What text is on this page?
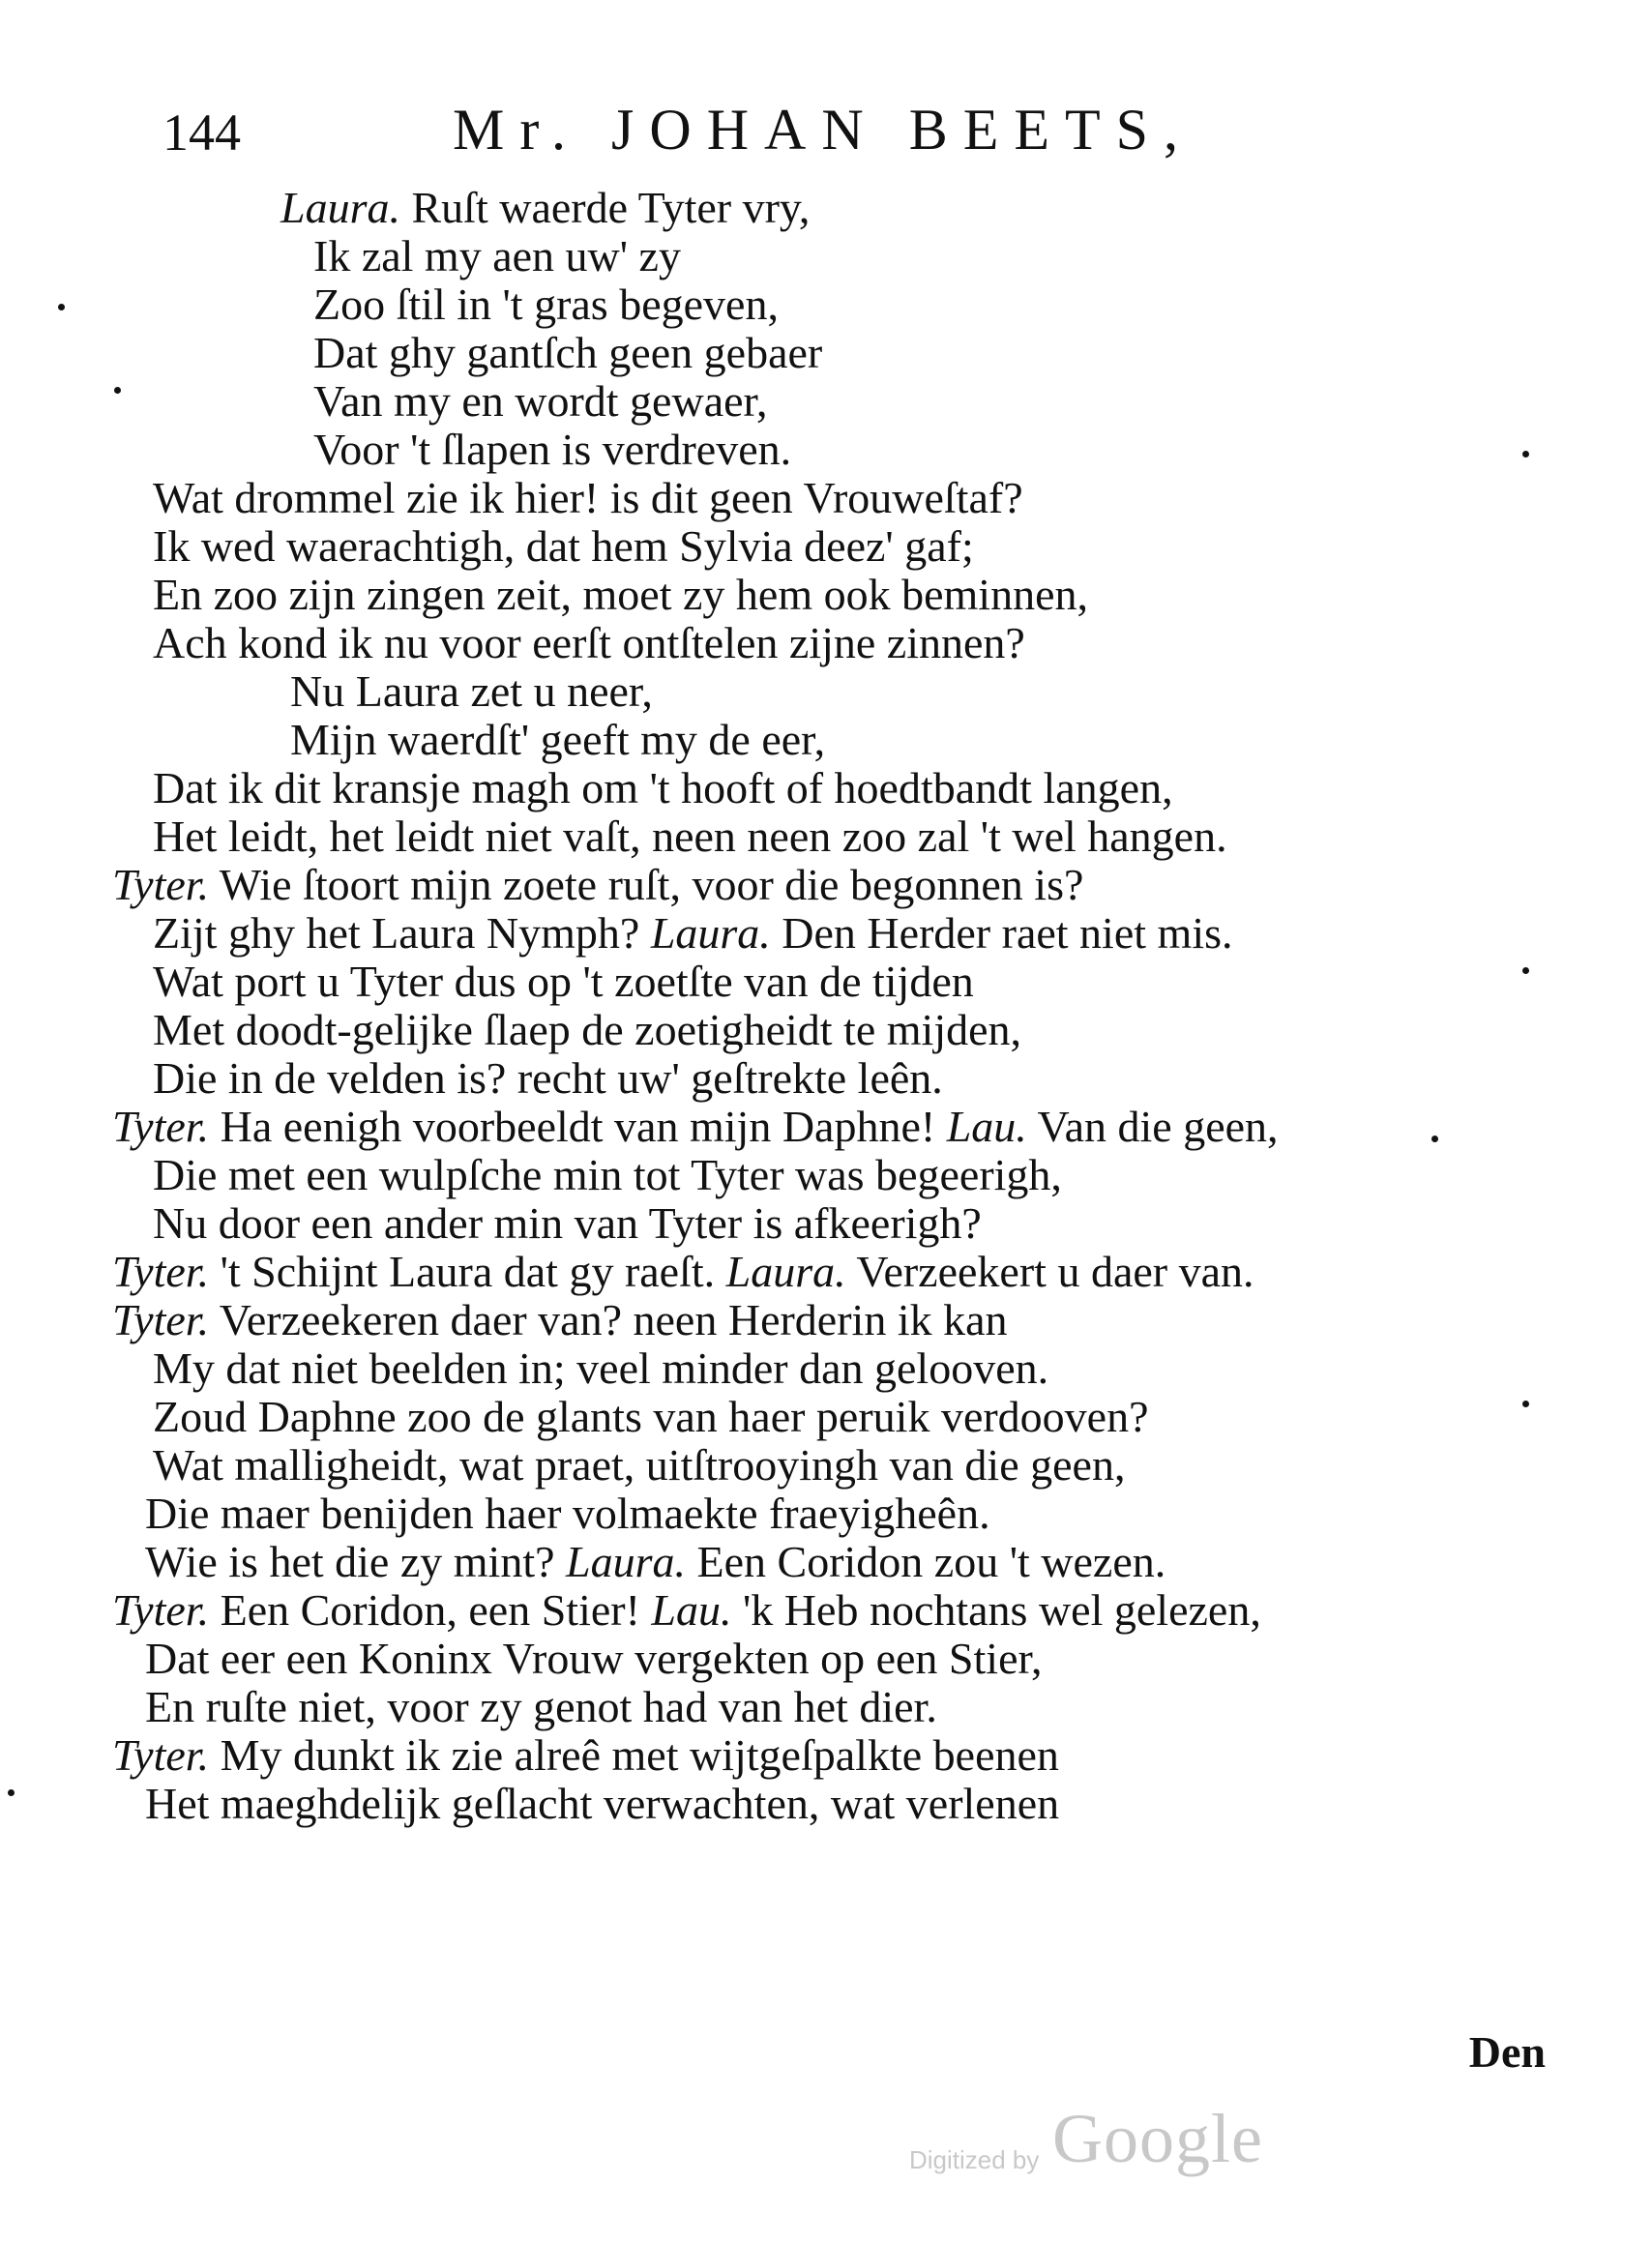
144	Mr. JOHAN BEETS,
Laura. Ruſt waerde Tyter vry,
Ik zal my aen uw' zy
Zoo ſtil in 't gras begeven,
Dat ghy gantſch geen gebaer
Van my en wordt gewaer,
Voor 't ſlapen is verdreven.
Wat drommel zie ik hier! is dit geen Vrouweſtaf?
Ik wed waerachtigh, dat hem Sylvia deez' gaf;
En zoo zijn zingen zeit, moet zy hem ook beminnen,
Ach kond ik nu voor eerſt ontſtelen zijne zinnen?
Nu Laura zet u neer,
Mijn waerdſt' geeft my de eer,
Dat ik dit kransje magh om 't hooft of hoedtbandt langen,
Het leidt, het leidt niet vaſt, neen neen zoo zal 't wel hangen.
Tyter. Wie ſtoort mijn zoete ruſt, voor die begonnen is?
Zijt ghy het Laura Nymph? Laura. Den Herder raet niet mis.
Wat port u Tyter dus op 't zoetſte van de tijden
Met doodt-gelijke ſlaep de zoetigheidt te mijden,
Die in de velden is? recht uw' geſtrekte leên.
Tyter. Ha eenigh voorbeeldt van mijn Daphne! Lau. Van die geen,
Die met een wulpſche min tot Tyter was begeerigh,
Nu door een ander min van Tyter is afkeerigh?
Tyter. 't Schijnt Laura dat gy raeſt. Laura. Verzeekert u daer van.
Tyter. Verzeekeren daer van? neen Herderin ik kan
My dat niet beelden in; veel minder dan gelooven.
Zoud Daphne zoo de glants van haer peruik verdooven?
Wat malligheidt, wat praet, uitſtrooyingh van die geen,
Die maer benijden haer volmaekte fraeyigheên.
Wie is het die zy mint? Laura. Een Coridon zou 't wezen.
Tyter. Een Coridon, een Stier! Lau. 'k Heb nochtans wel gelezen,
Dat eer een Koninx Vrouw vergekten op een Stier,
En ruſte niet, voor zy genot had van het dier.
Tyter. My dunkt ik zie alreê met wijtgeſpalkte beenen
Het maeghdelijk geſlacht verwachten, wat verlenen
Den
Digitized by Google
